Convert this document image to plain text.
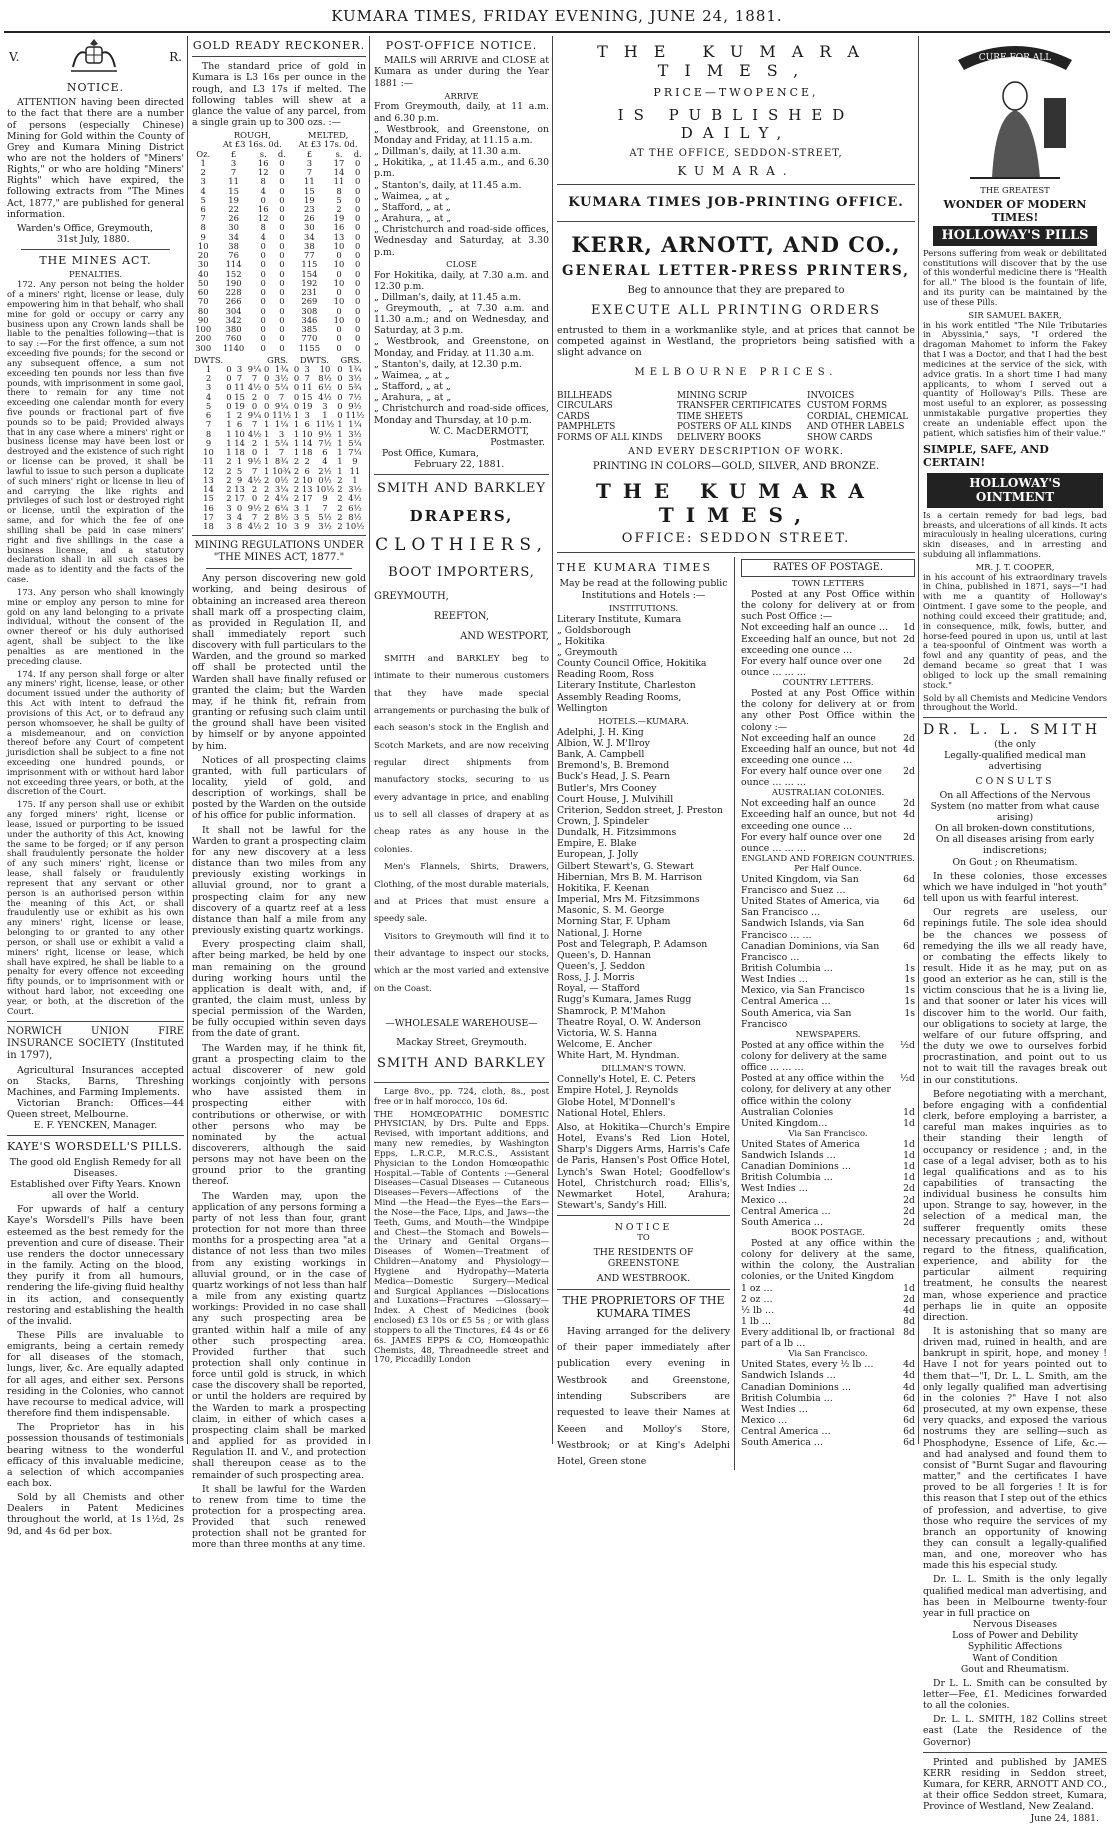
KUMARA TIMES, FRIDAY EVENING, JUNE 24, 1881.
V.	R.
NOTICE.
ATTENTION having been directed to the fact that there are a number of persons (especially Chinese) Mining for Gold within the County of Grey and Kumara Mining District who are not the holders of "Miners' Rights," or who are holding "Miners' Rights" which have expired, the following extracts from "The Mines Act, 1877," are published for general information.
Warden's Office, Greymouth,
31st July, 1880.
THE MINES ACT.
PENALTIES.
172. Any person not being the holder of a miners' right, license or lease, duly empowering him in that behalf, who shall mine for gold or occupy or carry any business upon any Crown lands shall be liable to the penalties following—that is to say :—For the first offence, a sum not exceeding five pounds; for the second or any subsequent offence, a sum not exceeding ten pounds nor less than five pounds, with imprisonment in some gaol, there to remain for any time not exceeding one calendar month for every five pounds or fractional part of five pounds so to be paid; Provided always that in any case where a miners' right or business license may have been lost or destroyed and the existence of such right or license can be proved, it shall be lawful to issue to such person a duplicate of such miners' right or license in lieu of and carrying the like rights and privileges of such lost or destroyed right or license, until the expiration of the same, and for which the fee of one shilling shall be paid in case miners' right and five shillings in the case a business license, and a statutory declaration shall in all such cases be made as to identity and the facts of the case.
173. Any person who shall knowingly mine or employ any person to mine for gold on any land belonging to a private individual, without the consent of the owner thereof or his duly authorised agent, shall be subject to the like penalties as are mentioned in the preceding clause.
174. If any person shall forge or alter any miners' right, license, lease, or other document issued under the authority of this Act with intent to defraud the provisions of this Act, or to defraud any person whomsoever, he shall be guilty of a misdemeanour, and on conviction thereof before any Court of competent jurisdiction shall be subject to a fine not exceeding one hundred pounds, or imprisonment with or without hard labor not exceeding three years, or both, at the discretion of the Court.
175. If any person shall use or exhibit any forged miners' right, license or lease, issued or purporting to be issued under the authority of this Act, knowing the same to be forged; or if any person shall fraudulently personate the holder of any such miners' right, license or lease, shall falsely or fraudulently represent that any servant or other person is an authorised person within the meaning of this Act, or shall fraudulently use or exhibit as his own any miners' right, license or lease, belonging to or granted to any other person, or shall use or exhibit a valid a miners' right, license or lease, which shall have expired, he shall be liable to a penalty for every offence not exceeding fifty pounds, or to imprisonment with or without hard labor, not exceeding one year, or both, at the discretion of the Court.
NORWICH UNION FIRE INSURANCE SOCIETY (Instituted in 1797),
Agricultural Insurances accepted on Stacks, Barns, Threshing Machines, and Farming Implements.
Victorian Branch: Offices—44 Queen street, Melbourne.
E. F. YENCKEN, Manager.
KAYE'S WORSDELL'S PILLS.
The good old English Remedy for all Diseases.
Established over Fifty Years. Known all over the World.
For upwards of half a century Kaye's Worsdell's Pills have been esteemed as the best remedy for the prevention and cure of disease. Their use renders the doctor unnecessary in the family. Acting on the blood, they purify it from all humours, rendering the life-giving fluid healthy in its action, and consequently restoring and establishing the health of the invalid.
These Pills are invaluable to emigrants, being a certain remedy for all diseases of the stomach, lungs, liver, &c. Are equally adapted for all ages, and either sex. Persons residing in the Colonies, who cannot have recourse to medical advice, will therefore find them indispensable.
The Proprietor has in his possession thousands of testimonials bearing witness to the wonderful efficacy of this invaluable medicine, a selection of which accompanies each box.
Sold by all Chemists and other Dealers in Patent Medicines throughout the world, at 1s 1½d, 2s 9d, and 4s 6d per box.
GOLD READY RECKONER.
The standard price of gold in Kumara is L3 16s per ounce in the rough, and L3 17s if melted. The following tables will shew at a glance the value of any parcel, from a single grain up to 300 ozs. :—
	ROUGH,			MELTED,		
	At £3 16s. 0d.			At £3 17s. 0d.		
Oz.	£	s.	d.	£	s.	d.
1	3	16	0	3	17	0
2	7	12	0	7	14	0
3	11	8	0	11	11	0
4	15	4	0	15	8	0
5	19	0	0	19	5	0
6	22	16	0	23	2	0
7	26	12	0	26	19	0
8	30	8	0	30	16	0
9	34	4	0	34	13	0
10	38	0	0	38	10	0
20	76	0	0	77	0	0
30	114	0	0	115	10	0
40	152	0	0	154	0	0
50	190	0	0	192	10	0
60	228	0	0	231	0	0
70	266	0	0	269	10	0
80	304	0	0	308	0	0
90	342	0	0	346	10	0
100	380	0	0	385	0	0
200	760	0	0	770	0	0
300	1140	0	0	1155	0	0
DWTS.				GRS.		DWTS.			GRS.	
1	0	3	9¼	0	1¾	0	3	10	0	1¾
2	0	7	7	0	3½	0	7	8½	0	3½
3	0	11	4½	0	5¼	0	11	6½	0	5¾
4	0	15	2	0	7	0	15	4½	0	7½
5	0	19	0	0	9¼	0	19	3	0	9½
6	1	2	9¼	0	11½	1	3	1	0	11½
7	1	6	7	1	1¼	1	6	11½	1	1¼
8	1	10	4½	1	3	1	10	9½	1	3½
9	1	14	2	1	5¼	1	14	7½	1	5¼
10	1	18	0	1	7	1	18	6	1	7¼
11	2	1	9½	1	8¾	2	2	4	1	9
12	2	5	7	1	10¾	2	6	2½	1	11
13	2	9	4½	2	0½	2	10	0½	2	1
14	2	13	2	2	3¼	2	13	10½	2	3½
15	2	17	0	2	4¼	2	17	9	2	4½
16	3	0	9½	2	6¼	3	1	7	2	6½
17	3	4	7	2	8½	3	5	5½	2	8½
18	3	8	4½	2	10	3	9	3½	2	10½
MINING REGULATIONS UNDER "THE MINES ACT, 1877."
Any person discovering new gold working, and being desirous of obtaining an increased area thereon shall mark off a prospecting claim, as provided in Regulation II, and shall immediately report such discovery with full particulars to the Warden, and the ground so marked off shall be protected until the Warden shall have finally refused or granted the claim; but the Warden may, if he think fit, refrain from granting or refusing such claim until the ground shall have been visited by himself or by anyone appointed by him.
Notices of all prospecting claims granted, with full particulars of locality, yield of gold, and description of workings, shall be posted by the Warden on the outside of his office for public information.
It shall not be lawful for the Warden to grant a prospecting claim for any new discovery at a less distance than two miles from any previously existing workings in alluvial ground, nor to grant a prospecting claim for any new discovery of a quartz reef at a less distance than half a mile from any previously existing quartz workings.
Every prospecting claim shall, after being marked, be held by one man remaining on the ground during working hours until the application is dealt with, and, if granted, the claim must, unless by special permission of the Warden, be fully occupied within seven days from the date of grant.
The Warden may, if he think fit, grant a prospecting claim to the actual discoverer of new gold workings conjointly with persons who have assisted them in prospecting either with contributions or otherwise, or with other persons who may be nominated by the actual discoverers, although the said persons may not have been on the ground prior to the granting thereof.
The Warden may, upon the application of any persons forming a party of not less than four, grant protection for not more than three months for a prospecting area "at a distance of not less than two miles from any existing workings in alluvial ground, or in the case of quartz workings of not less than half a mile from any existing quartz workings: Provided in no case shall any such prospecting area be granted within half a mile of any other such prospecting area. Provided further that such protection shall only continue in force until gold is struck, in which case the discovery shall be reported, or until the holders are required by the Warden to mark a prospecting claim, in either of which cases a prospecting claim shall be marked and applied for as provided in Regulation II. and V., and protection shall thereupon cease as to the remainder of such prospecting area.
It shall be lawful for the Warden to renew from time to time the protection for a prospecting area. Provided that such renewed protection shall not be granted for more than three months at any time.
POST-OFFICE NOTICE.
MAILS will ARRIVE and CLOSE at Kumara as under during the Year 1881 :—
ARRIVE
From Greymouth, daily, at 11 a.m. and 6.30 p.m.
„ Westbrook, and Greenstone, on Monday and Friday, at 11.15 a.m.
„ Dillman's, daily, at 11.30 a.m.
„ Hokitika, „ at 11.45 a.m., and 6.30 p.m.
„ Stanton's, daily, at 11.45 a.m.
„ Waimea, „ at „
„ Stafford, „ at „
„ Arahura, „ at „
„ Christchurch and road-side offices, Wednesday and Saturday, at 3.30 p.m.
CLOSE
For Hokitika, daily, at 7.30 a.m. and 12.30 p.m.
„ Dillman's, daily, at 11.45 a.m.
„ Greymouth, „ at 7.30 a.m. and 11.30 a.m.; and on Wednesday, and Saturday, at 3 p.m.
„ Westbrook, and Greenstone, on Monday, and Friday. at 11.30 a.m.
„ Stanton's, daily, at 12.30 p.m.
„ Waimea, „ at „
„ Stafford, „ at „
„ Arahura, „ at „
„ Christchurch and road-side offices, Monday and Thursday, at 10 p.m.
W. C. MacDERMOTT,
Postmaster.
Post Office, Kumara,
February 22, 1881.
SMITH AND BARKLEY
DRAPERS,
CLOTHIERS,
BOOT IMPORTERS,
GREYMOUTH,
REEFTON,
AND WESTPORT,
SMITH and BARKLEY beg to intimate to their numerous customers that they have made special arrangements or purchasing the bulk of each season's stock in the English and Scotch Markets, and are now receiving regular direct shipments from manufactory stocks, securing to us every advantage in price, and enabling us to sell all classes of drapery at as cheap rates as any house in the colonies.
Men's Flannels, Shirts, Drawers, Clothing, of the most durable materials, and at Prices that must ensure a speedy sale.
Visitors to Greymouth will find it to their advantage to inspect our stocks, which ar the most varied and extensive on the Coast.
—WHOLESALE WAREHOUSE—
Mackay Street, Greymouth.
SMITH AND BARKLEY
Large 8vo., pp. 724, cloth, 8s., post free or in half morocco, 10s 6d.
THE HOMŒOPATHIC DOMESTIC PHYSICIAN, by Drs. Pulte and Epps. Revised, with important additions, and many new remedies, by Washington Epps, L.R.C.P., M.R.C.S., Assistant Physician to the London Homœopathic Hospital.—Table of Contents :—General Diseases—Casual Diseases — Cutaneous Diseases—Fevers—Affections of the Mind —the Head—the Eyes—the Ears—the Nose—the Face, Lips, and Jaws—the Teeth, Gums, and Mouth—the Windpipe and Chest—the Stomach and Bowels—the Urinary and Genital Organs—Diseases of Women—Treatment of Children—Anatomy and Physiology—Hygiene and Hydropathy—Materia Medica—Domestic Surgery—Medical and Surgical Appliances —Dislocations and Luxations—Fractures —Glossary—Index. A Chest of Medicines (book enclosed) £3 10s or £5 5s ; or with glass stoppers to all the Tinctures, £4 4s or £6 6s. JAMES EPPS & CO, Homœopathic Chemists, 48, Threadneedle street and 170, Piccadilly London
THE KUMARA TIMES,
PRICE—TWOPENCE,
IS PUBLISHED DAILY,
AT THE OFFICE, SEDDON-STREET,
KUMARA.
KUMARA TIMES JOB-PRINTING OFFICE.
KERR, ARNOTT, AND CO.,
GENERAL LETTER-PRESS PRINTERS,
Beg to announce that they are prepared to
EXECUTE ALL PRINTING ORDERS
entrusted to them in a workmanlike style, and at prices that cannot be competed against in Westland, the proprietors being satisfied with a slight advance on
MELBOURNE PRICES.
BILLHEADS	MINING SCRIP	INVOICES
CIRCULARS	TRANSFER CERTIFICATES CUSTOM FORMS
CARDS	TIME SHEETS	CORDIAL, CHEMICAL
PAMPHLETS	POSTERS OF ALL KINDS	AND OTHER LABELS
FORMS OF ALL KINDS	DELIVERY BOOKS	SHOW CARDS
AND EVERY DESCRIPTION OF WORK.
PRINTING IN COLORS—GOLD, SILVER, AND BRONZE.
THE KUMARA TIMES,
OFFICE: SEDDON STREET.
THE KUMARA TIMES
May be read at the following public Institutions and Hotels :—
INSTITUTIONS.
Literary Institute, Kumara
„ Goldsborough
„ Hokitika
„ Greymouth
County Council Office, Hokitika
Reading Room, Ross
Literary Institute, Charleston
Assembly Reading Rooms, Wellington
HOTELS.—KUMARA.
Adelphi, J. H. King
Albion, W. J. M'Ilroy
Bank, A. Campbell
Bremond's, B. Bremond
Buck's Head, J. S. Pearn
Butler's, Mrs Cooney
Court House, J. Mulvihill
Criterion, Seddon street, J. Preston
Crown, J. Spindeler
Dundalk, H. Fitzsimmons
Empire, E. Blake
European, J. Jolly
Gilbert Stewart's, G. Stewart
Hibernian, Mrs B. M. Harrison
Hokitika, F. Keenan
Imperial, Mrs M. Fitzsimmons
Masonic, S. M. George
Morning Star, F. Upham
National, J. Horne
Post and Telegraph, P. Adamson
Queen's, D. Hannan
Queen's, J. Seddon
Ross, J. J. Morris
Royal, — Stafford
Rugg's Kumara, James Rugg
Shamrock, P. M'Mahon
Theatre Royal, O. W. Anderson
Victoria, W. S. Hanna
Welcome, E. Ancher
White Hart, M. Hyndman.
DILLMAN'S TOWN.
Connelly's Hotel, E. C. Peters
Empire Hotel, J. Reynolds
Globe Hotel, M'Donnell's
National Hotel, Ehlers.
Also, at Hokitika—Church's Empire Hotel, Evans's Red Lion Hotel, Sharp's Diggers Arms, Harris's Cafe de Paris, Hansen's Post Office Hotel, Lynch's Swan Hotel; Goodfellow's Hotel, Christchurch road; Ellis's, Newmarket Hotel, Arahura; Stewart's, Sandy's Hill.
NOTICE
TO
THE RESIDENTS OF GREENSTONE
AND WESTBROOK.
THE PROPRIETORS OF THE KUMARA TIMES
Having arranged for the delivery of their paper immediately after publication every evening in Westbrook and Greenstone, intending Subscribers are requested to leave their Names at Keeen and Molloy's Store, Westbrook; or at King's Adelphi Hotel, Green stone
RATES OF POSTAGE.
TOWN LETTERS
Posted at any Post Office within the colony for delivery at or from such Post Office :—
Not exceeding half an ounce …	1d
Exceeding half an ounce, but not exceeding one ounce …
2d
For every half ounce over one ounce … … …
2d
COUNTRY LETTERS.
Posted at any Post Office within the colony for delivery at or from any other Post Office within the colony :—
Not exceeding half an ounce	2d
Exceeding half an ounce, but not exceeding one ounce …
4d
For every half ounce over one ounce … … …
2d
AUSTRALIAN COLONIES.
Not exceeding half an ounce	2d
Exceeding half an ounce, but not exceeding one ounce …
4d
For every half ounce over one ounce … … …
2d
ENGLAND AND FOREIGN COUNTRIES. Per Half Ounce.
United Kingdom, via San Francisco and Suez …
6d
United States of America, via San Francisco …
6d
Sandwich Islands, via San Francisco … …
6d
Canadian Dominions, via San Francisco …
6d
British Columbia …	1s
West Indies …	1s
Mexico, via San Francisco	1s
Central America …	1s
South America, via San Francisco
1s
NEWSPAPERS.
Posted at any office within the colony for delivery at the same office … … …
½d
Posted at any office within the colony, for delivery at any other office within the colony
½d
Australian Colonies	1d
United Kingdom…	1d
Via San Francisco.
United States of America	1d
Sandwich Islands …	1d
Canadian Dominions …	1d
British Columbia …	1d
West Indies …	2d
Mexico …	2d
Central America …	2d
South America …	2d
BOOK POSTAGE.
Posted at any office within the colony for delivery at the same, within the colony, the Australian colonies, or the United Kingdom
1 oz …	1d
2 oz …	2d
½ lb …	4d
1 lb …	8d
Every additional lb, or fractional part of a lb …
8d
Via San Francisco.
United States, every ½ lb …	4d
Sandwich Islands …	4d
Canadian Dominions …	4d
British Columbia …	6d
West Indies …	6d
Mexico …	6d
Central America …	6d
South America …	6d
CURE FOR ALL
THE GREATEST
WONDER OF MODERN TIMES!
HOLLOWAY'S PILLS
Persons suffering from weak or debilitated constitutions will discover that by the use of this wonderful medicine there is "Health for all." The blood is the fountain of life, and its purity can be maintained by the use of these Pills.
SIR SAMUEL BAKER,
in his work entitled "The Nile Tributaries in Abyssinia," says, "I ordered the dragoman Mahomet to inform the Fakey that I was a Doctor, and that I had the best medicines at the service of the sick, with advice gratis. In a short time I had many applicants, to whom I served out a quantity of Holloway's Pills. These are most useful to an explorer, as possessing unmistakable purgative properties they create an undeniable effect upon the patient, which satisfies him of their value."
SIMPLE, SAFE, AND CERTAIN!
HOLLOWAY'S OINTMENT
Is a certain remedy for bad legs, bad breasts, and ulcerations of all kinds. It acts miraculously in healing ulcerations, curing skin diseases, and in arresting and subduing all inflammations.
MR. J. T. COOPER,
in his account of his extraordinary travels in China, published in 1871, says—"I had with me a quantity of Holloway's Ointment. I gave some to the people, and nothing could exceed their gratitude; and, in consequence, milk, fowls, butter, and horse-feed poured in upon us, until at last a tea-spoonful of Ointment was worth a fowl and any quantity of peas, and the demand became so great that I was obliged to lock up the small remaining stock."
Sold by all Chemists and Medicine Vendors throughout the World.
DR. L. L. SMITH
(the only
Legally-qualified medical man advertising
CONSULTS
On all Affections of the Nervous System (no matter from what cause arising)
On all broken-down constitutions,
On all diseases arising from early indiscretions;
On Gout ; on Rheumatism.
In these colonies, those excesses which we have indulged in "hot youth" tell upon us with fearful interest.
Our regrets are useless, our repinings futile. The sole idea should be the chances we possess of remedying the ills we all ready have, or combating the effects likely to result. Hide it as he may, put on as good an exterior as he can, still is the victim conscious that he is a living lie, and that sooner or later his vices will discover him to the world. Our faith, our obligations to society at large, the welfare of our future offspring, and the duty we owe to ourselves forbid procrastination, and point out to us not to wait till the ravages break out in our constitutions.
Before negotiating with a merchant, before engaging with a confidential clerk, before employing a barrister, a careful man makes inquiries as to their standing their length of occupancy or residence ; and, in the case of a legal adviser, both as to his legal qualifications and as to his capabilities of transacting the individual business he consults him upon. Strange to say, however, in the selection of a medical man, the sufferer frequently omits these necessary precautions ; and, without regard to the fitness, qualification, experience, and ability for the particular ailment requiring treatment, he consults the nearest man, whose experience and practice perhaps lie in quite an opposite direction.
It is astonishing that so many are driven mad, ruined in health, and are bankrupt in spirit, hope, and money ! Have I not for years pointed out to them that—"I, Dr. L. L. Smith, am the only legally qualified man advertising in the colonies ?" Have I not also prosecuted, at my own expense, these very quacks, and exposed the various nostrums they are selling—such as Phosphodyne, Essence of Life, &c.—and had analysed and found them to consist of "Burnt Sugar and flavouring matter," and the certificates I have proved to be all forgeries ! It is for this reason that I step out of the ethics of profession, and advertise, to give those who require the services of my branch an opportunity of knowing they can consult a legally-qualified man, and one, moreover who has made this his especial study.
Dr. L. L. Smith is the only legally qualified medical man advertising, and has been in Melbourne twenty-four year in full practice on
Nervous Diseases
Loss of Power and Debility
Syphilitic Affections
Want of Condition
Gout and Rheumatism.
Dr L. L. Smith can be consulted by letter—Fee, £1. Medicines forwarded to all the colonies.
Dr. L. L. SMITH, 182 Collins street east (Late the Residence of the Governor)
Printed and published by JAMES KERR residing in Seddon street, Kumara, for KERR, ARNOTT AND CO., at their office Seddon street, Kumara, Province of Westland, New Zealand.
June 24, 1881.
